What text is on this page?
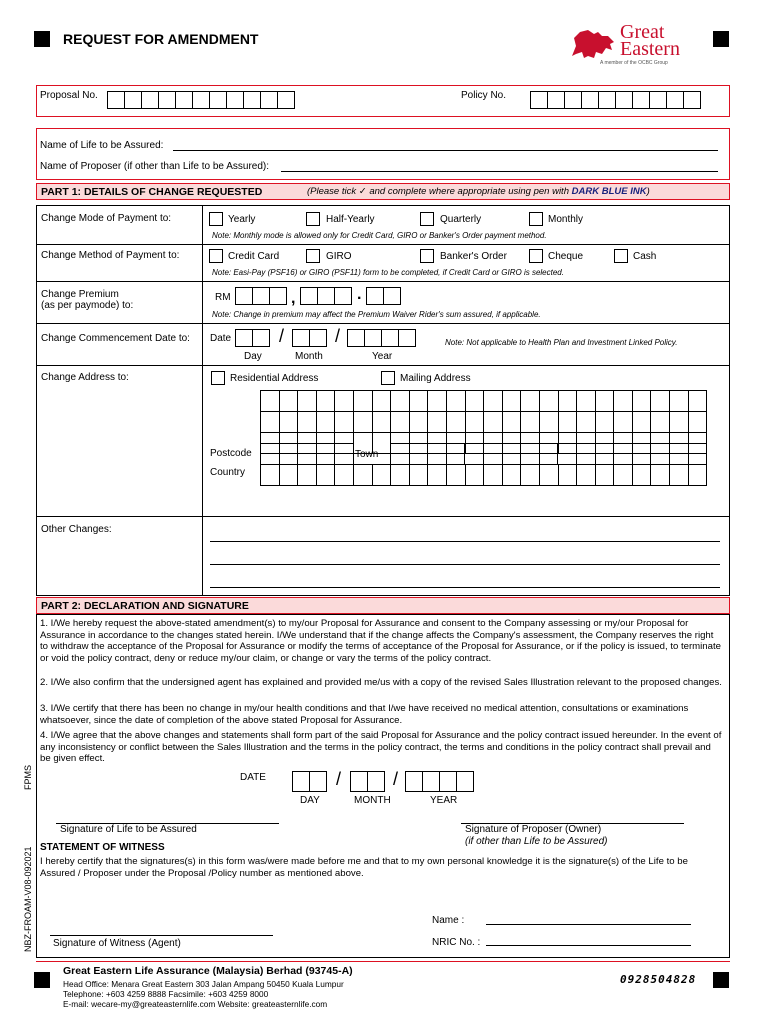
REQUEST FOR AMENDMENT	Great
Eastern
A member of the OCBC Group
Proposal No.	Policy No.
Name of Life to be Assured:
Name of Proposer (if other than Life to be Assured):
PART 1: DETAILS OF CHANGE REQUESTED	(Please tick ✓ and complete where appropriate using pen with DARK BLUE INK)
Change Mode of Payment to:	Yearly	Half-Yearly	Quarterly	Monthly
Note: Monthly mode is allowed only for Credit Card, GIRO or Banker's Order payment method.
Change Method of Payment to:	Credit Card	GIRO	Banker's Order	Cheque	Cash
Note: Easi-Pay (PSF16) or GIRO (PSF11) form to be completed, if Credit Card or GIRO is selected.
Change Premium
(as per paymode) to:
RM	,	.
Note: Change in premium may affect the Premium Waiver Rider's sum assured, if applicable.
Change Commencement Date to: Date	/	/
Day	Month	Year
Note: Not applicable to Health Plan and Investment Linked Policy.
Change Address to:	Residential Address	Mailing Address

Postcode
					Town

Country

Other Changes:
PART 2: DECLARATION AND SIGNATURE
1. I/We hereby request the above-stated amendment(s) to my/our Proposal for Assurance and consent to the Company assessing or my/our Proposal for Assurance in accordance to the changes stated herein. I/We understand that if the change affects the Company's assessment, the Company reserves the right to withdraw the acceptance of the Proposal for Assurance or modify the terms of acceptance of the Proposal for Assurance, or if the policy is issued, to terminate or void the policy contract, deny or reduce my/our claim, or change or vary the terms of the policy contract.
2. I/We also confirm that the undersigned agent has explained and provided me/us with a copy of the revised Sales Illustration relevant to the proposed changes.
3. I/We certify that there has been no change in my/our health conditions and that I/we have received no medical attention, consultations or examinations whatsoever, since the date of completion of the above stated Proposal for Assurance.
4. I/We agree that the above changes and statements shall form part of the said Proposal for Assurance and the policy contract issued hereunder. In the event of any inconsistency or conflict between the Sales Illustration and the terms in the policy contract, the terms and conditions in the policy contract shall prevail and be given effect.
DATE	/	/
DAY	MONTH	YEAR
Signature of Life to be Assured	Signature of Proposer (Owner)
(if other than Life to be Assured)
STATEMENT OF WITNESS
I hereby certify that the signatures(s) in this form was/were made before me and that to my own personal knowledge it is the signature(s) of the Life to be Assured / Proposer under the Proposal /Policy number as mentioned above.
Name :
NRIC No. :
Signature of Witness (Agent)
FPMS
NBZ-FROAM-V08-092021
Great Eastern Life Assurance (Malaysia) Berhad (93745-A)
Head Office: Menara Great Eastern 303 Jalan Ampang 50450 Kuala Lumpur
Telephone: +603 4259 8888 Facsimile: +603 4259 8000
E-mail: wecare-my@greateasternlife.com Website: greateasternlife.com
0928504828
